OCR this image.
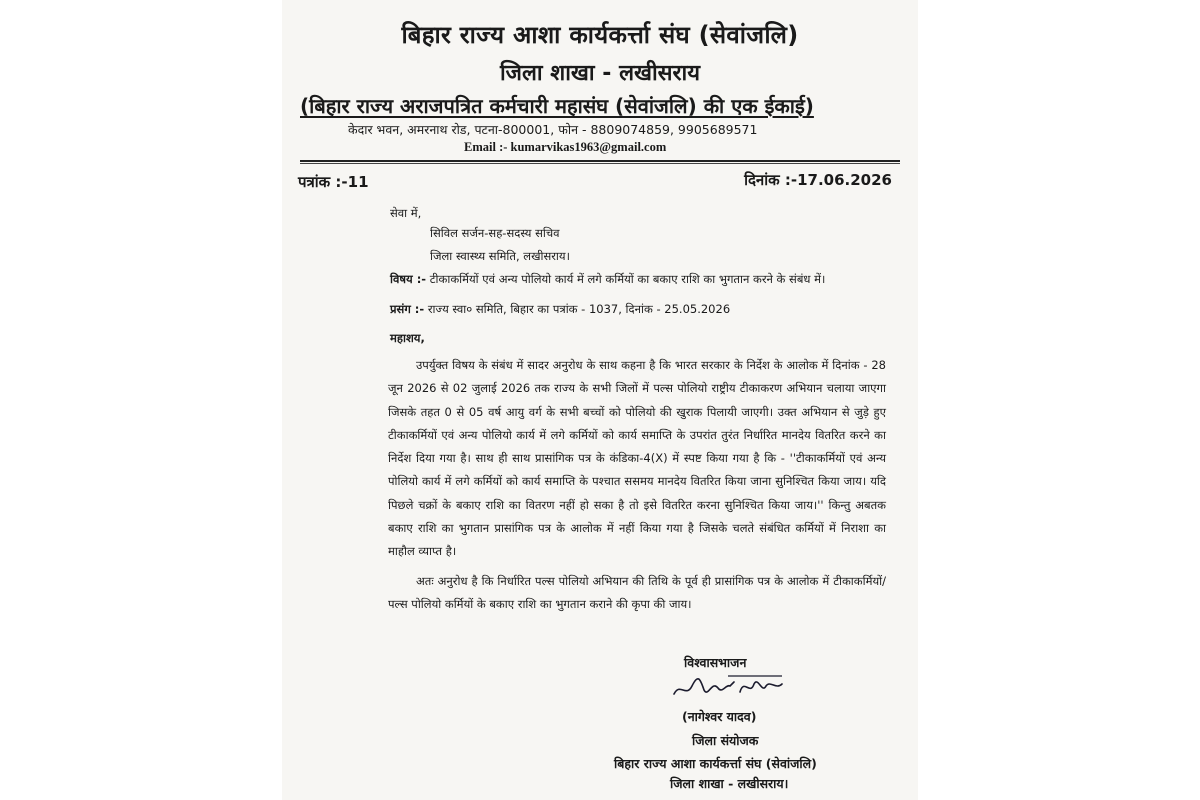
बिहार राज्य आशा कार्यकर्त्ता संघ (सेवांजलि)
जिला शाखा - लखीसराय
(बिहार राज्य अराजपत्रित कर्मचारी महासंघ (सेवांजलि) की एक ईकाई)
केदार भवन, अमरनाथ रोड, पटना-800001, फोन - 8809074859, 9905689571
Email :- kumarvikas1963@gmail.com
पत्रांक :-11	दिनांक :-17.06.2026
सेवा में,
सिविल सर्जन-सह-सदस्य सचिव
जिला स्वास्थ्य समिति, लखीसराय।
विषय :- टीकाकर्मियों एवं अन्य पोलियो कार्य में लगे कर्मियों का बकाए राशि का भुगतान करने के संबंध में।
प्रसंग :- राज्य स्वा० समिति, बिहार का पत्रांक - 1037, दिनांक - 25.05.2026
महाशय,

उपर्युक्त विषय के संबंध में सादर अनुरोध के साथ कहना है कि भारत सरकार के निर्देश के आलोक में दिनांक - 28 जून 2026 से 02 जुलाई 2026 तक राज्य के सभी जिलों में पल्स पोलियो राष्ट्रीय टीकाकरण अभियान चलाया जाएगा जिसके तहत 0 से 05 वर्ष आयु वर्ग के सभी बच्चों को पोलियो की खुराक पिलायी जाएगी। उक्त अभियान से जुड़े हुए टीकाकर्मियों एवं अन्य पोलियो कार्य में लगे कर्मियों को कार्य समाप्ति के उपरांत तुरंत निर्धारित मानदेय वितरित करने का निर्देश दिया गया है। साथ ही साथ प्रासांगिक पत्र के कंडिका-4(X) में स्पष्ट किया गया है कि - ''टीकाकर्मियों एवं अन्य पोलियो कार्य में लगे कर्मियों को कार्य समाप्ति के पश्चात ससमय मानदेय वितरित किया जाना सुनिश्चित किया जाय। यदि पिछले चक्रों के बकाए राशि का वितरण नहीं हो सका है तो इसे वितरित करना सुनिश्चित किया जाय।'' किन्तु अबतक बकाए राशि का भुगतान प्रासांगिक पत्र के आलोक में नहीं किया गया है जिसके चलते संबंधित कर्मियों में निराशा का माहौल व्याप्त है।

अतः अनुरोध है कि निर्धारित पल्स पोलियो अभियान की तिथि के पूर्व ही प्रासांगिक पत्र के आलोक में टीकाकर्मियों/पल्स पोलियो कर्मियों के बकाए राशि का भुगतान कराने की कृपा की जाय।

विश्वासभाजन
(नागेश्वर यादव)
जिला संयोजक
बिहार राज्य आशा कार्यकर्त्ता संघ (सेवांजलि)
जिला शाखा - लखीसराय।
